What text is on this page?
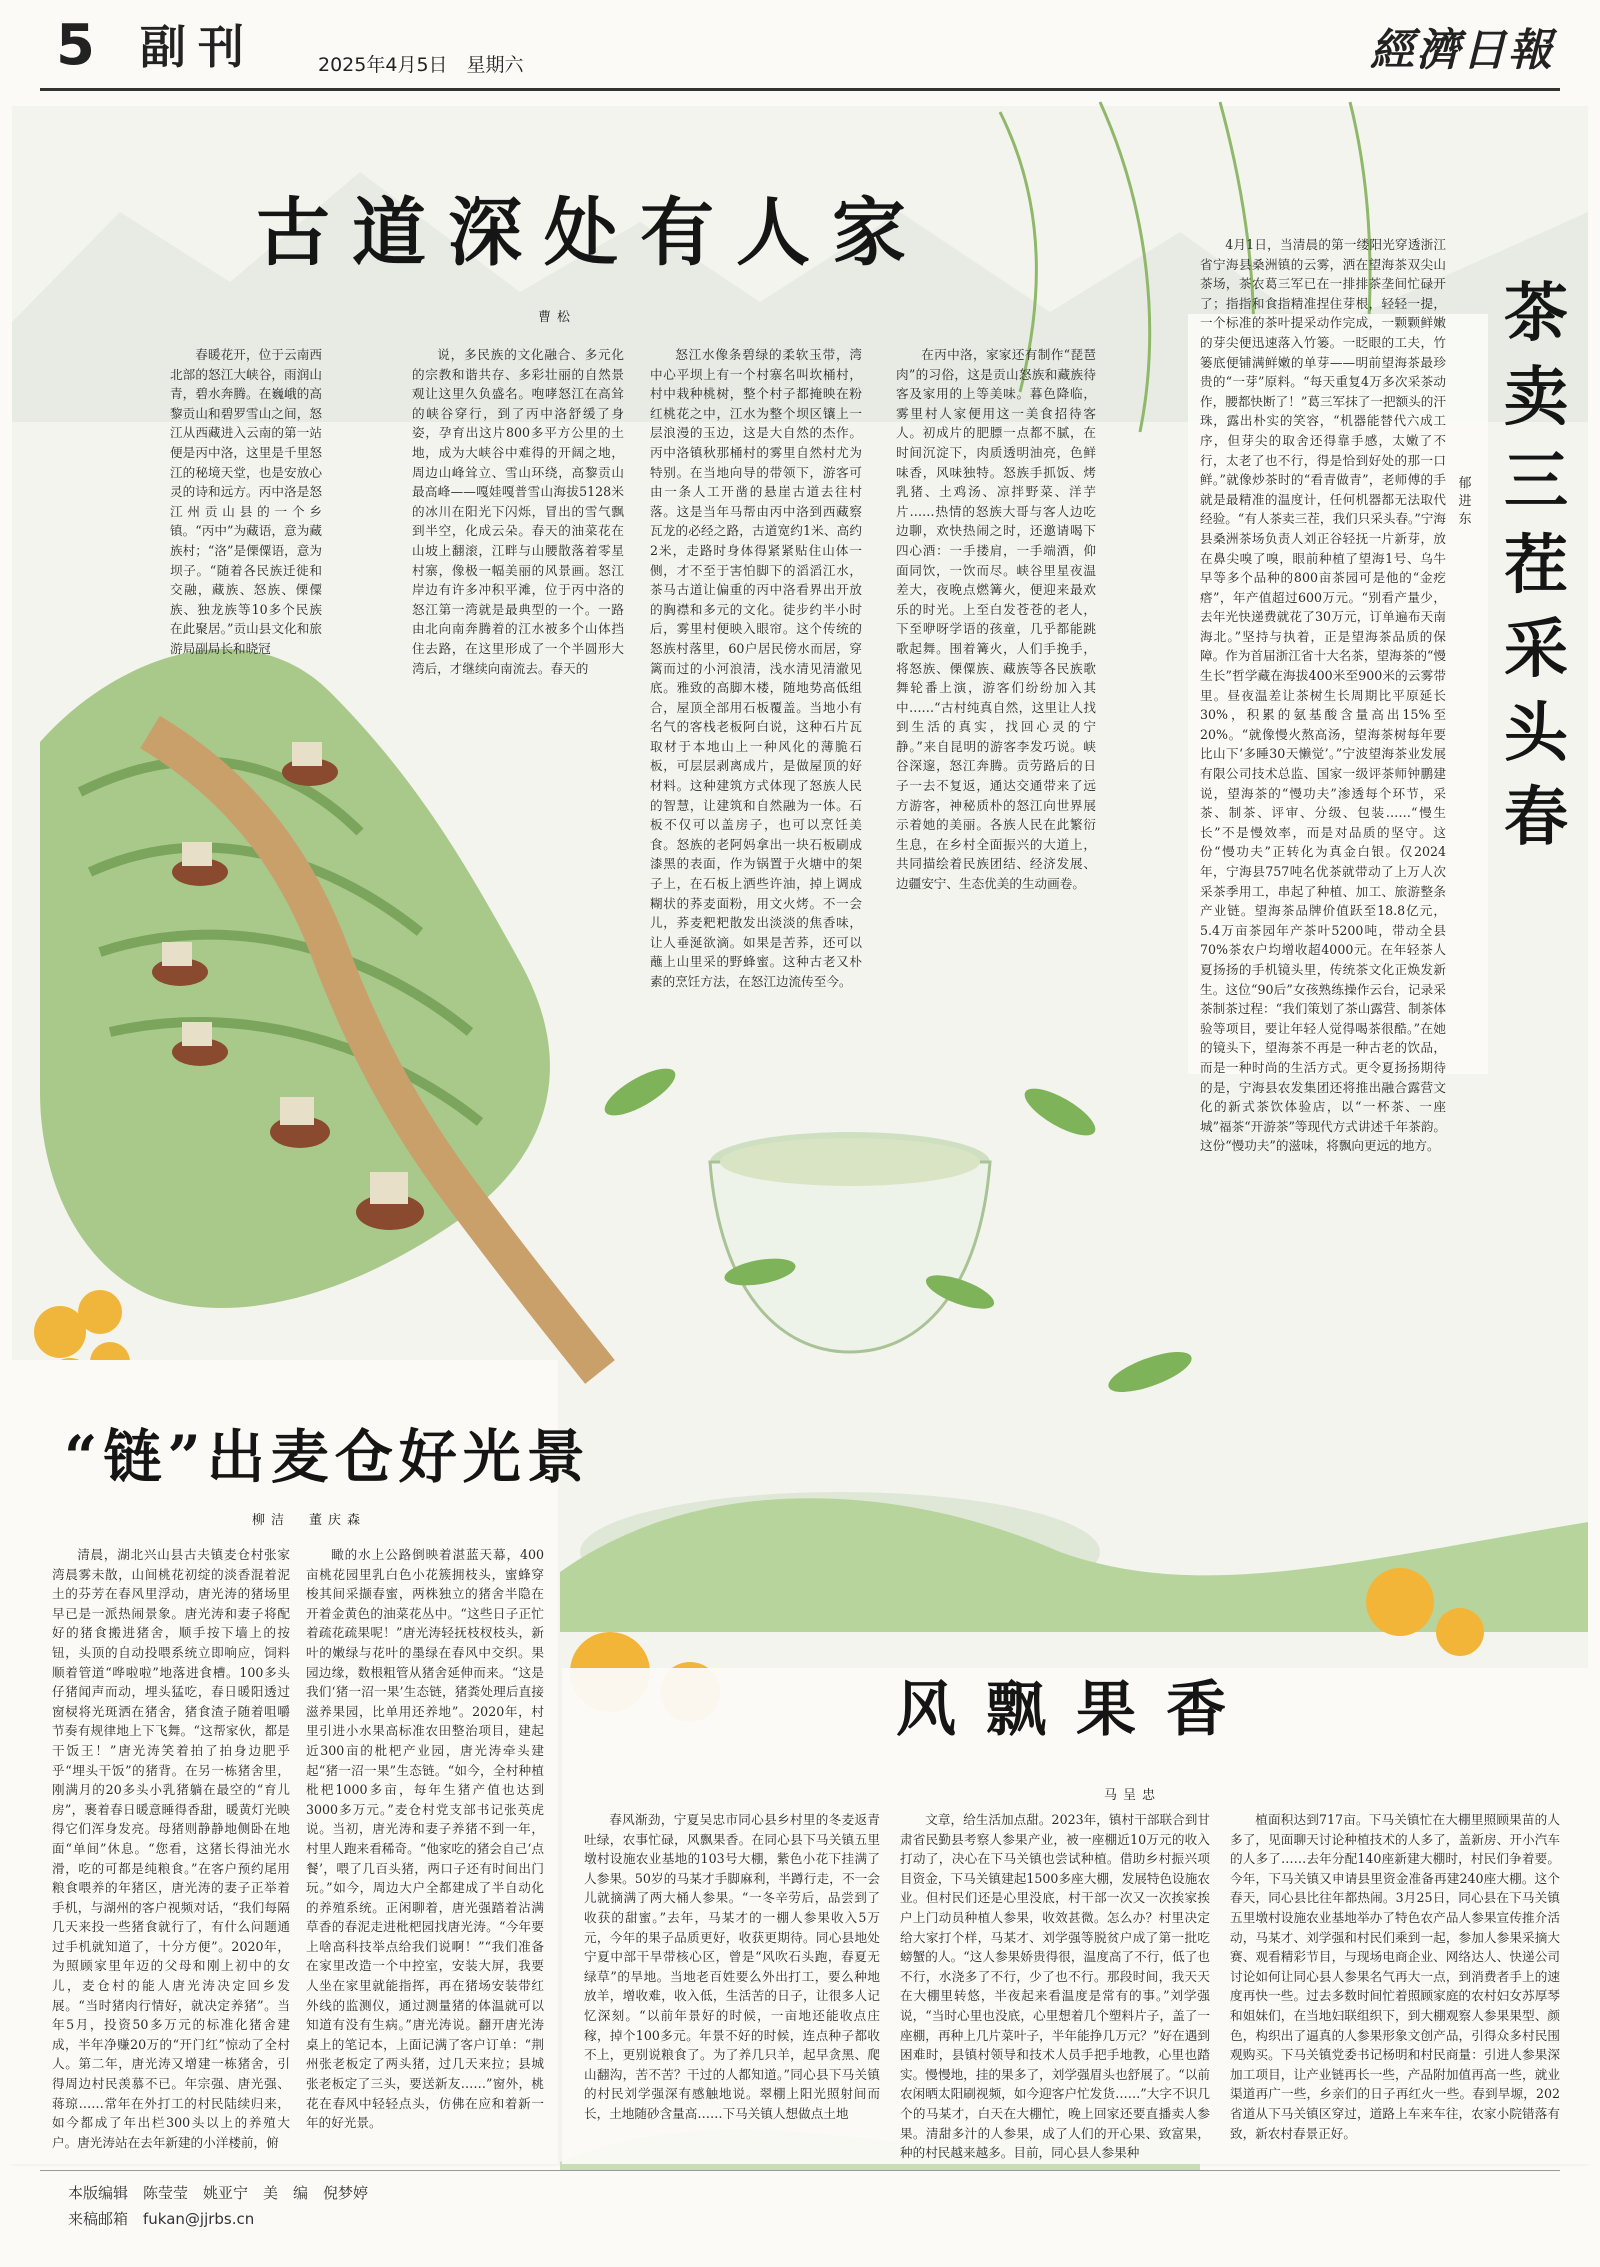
5 副刊	2025年4月5日　星期六	經濟日報
古道深处有人家
曹松

春暖花开，位于云南西北部的怒江大峡谷，雨润山青，碧水奔腾。在巍峨的高黎贡山和碧罗雪山之间，怒江从西藏进入云南的第一站便是丙中洛，这里是千里怒江的秘境天堂，也是安放心灵的诗和远方。丙中洛是怒江州贡山县的一个乡镇。“丙中”为藏语，意为藏族村；“洛”是傈僳语，意为坝子。“随着各民族迁徙和交融，藏族、怒族、傈僳族、独龙族等10多个民族在此聚居。”贡山县文化和旅游局副局长和晓冠

说，多民族的文化融合、多元化的宗教和谐共存、多彩壮丽的自然景观让这里久负盛名。咆哮怒江在高耸的峡谷穿行，到了丙中洛舒缓了身姿，孕育出这片800多平方公里的土地，成为大峡谷中难得的开阔之地，周边山峰耸立、雪山环绕，高黎贡山最高峰——嘎娃嘎普雪山海拔5128米的冰川在阳光下闪烁，冒出的雪气飘到半空，化成云朵。春天的油菜花在山坡上翻滚，江畔与山腰散落着零星村寨，像极一幅美丽的风景画。怒江岸边有许多冲积平滩，位于丙中洛的怒江第一湾就是最典型的一个。一路由北向南奔腾着的江水被多个山体挡住去路，在这里形成了一个半圆形大湾后，才继续向南流去。春天的

怒江水像条碧绿的柔软玉带，湾中心平坝上有一个村寨名叫坎桶村，村中栽种桃树，整个村子都掩映在粉红桃花之中，江水为整个坝区镶上一层浪漫的玉边，这是大自然的杰作。丙中洛镇秋那桶村的雾里自然村尤为特别。在当地向导的带领下，游客可由一条人工开凿的悬崖古道去往村落。这是当年马帮由丙中洛到西藏察瓦龙的必经之路，古道宽约1米、高约2米，走路时身体得紧紧贴住山体一侧，才不至于害怕脚下的滔滔江水，茶马古道让偏重的丙中洛看界出开放的胸襟和多元的文化。徒步约半小时后，雾里村便映入眼帘。这个传统的怒族村落里，60户居民傍水而居，穿篱而过的小河浪清，浅水清见清澈见底。雅致的高脚木楼，随地势高低组合，屋顶全部用石板覆盖。当地小有名气的客栈老板阿白说，这种石片瓦取材于本地山上一种风化的薄脆石板，可层层剥离成片，是做屋顶的好材料。这种建筑方式体现了怒族人民的智慧，让建筑和自然融为一体。石板不仅可以盖房子，也可以烹饪美食。怒族的老阿妈拿出一块石板刷成漆黑的表面，作为锅置于火塘中的架子上，在石板上洒些许油，掉上调成糊状的荞麦面粉，用文火烤。不一会儿，荞麦粑粑散发出淡淡的焦香味，让人垂涎欲滴。如果是苦荞，还可以蘸上山里采的野蜂蜜。这种古老又朴素的烹饪方法，在怒江边流传至今。

在丙中洛，家家还有制作“琵琶肉”的习俗，这是贡山怒族和藏族待客及家用的上等美味。暮色降临，雾里村人家便用这一美食招待客人。初成片的肥膘一点都不腻，在时间沉淀下，肉质透明油亮，色鲜味香，风味独特。怒族手抓饭、烤乳猪、土鸡汤、凉拌野菜、洋芋片……热情的怒族大哥与客人边吃边聊，欢快热闹之时，还邀请喝下四心酒：一手搂肩，一手端酒，仰面同饮，一饮而尽。峡谷里星夜温差大，夜晚点燃篝火，便迎来最欢乐的时光。上至白发苍苍的老人，下至咿呀学语的孩童，几乎都能跳歌起舞。围着篝火，人们手挽手，将怒族、傈僳族、藏族等各民族歌舞轮番上演，游客们纷纷加入其中……“古村纯真自然，这里让人找到生活的真实，找回心灵的宁静。”来自昆明的游客李发巧说。峡谷深邃，怒江奔腾。贡劳路后的日子一去不复返，通达交通带来了远方游客，神秘质朴的怒江向世界展示着她的美丽。各族人民在此繁衍生息，在乡村全面振兴的大道上，共同描绘着民族团结、经济发展、边疆安宁、生态优美的生动画卷。

茶卖三茬采头春
郁进东

4月1日，当清晨的第一缕阳光穿透浙江省宁海县桑洲镇的云雾，洒在望海茶双尖山茶场，茶农葛三军已在一排排茶垄间忙碌开了；指指和食指精准捏住芽根，轻轻一提，一个标准的茶叶提采动作完成，一颗颗鲜嫩的芽尖便迅速落入竹篓。一眨眼的工夫，竹篓底便铺满鲜嫩的单芽——明前望海茶最珍贵的“一芽”原料。“每天重复4万多次采茶动作，腰都快断了！”葛三军抹了一把额头的汗珠，露出朴实的笑容，“机器能替代六成工序，但芽尖的取舍还得靠手感，太嫩了不行，太老了也不行，得是恰到好处的那一口鲜。”就像炒茶时的“看青做青”，老师傅的手就是最精准的温度计，任何机器都无法取代经验。“有人茶卖三茬，我们只采头春。”宁海县桑洲茶场负责人刘正谷轻抚一片新芽，放在鼻尖嗅了嗅，眼前种植了望海1号、乌牛早等多个品种的800亩茶园可是他的“金疙瘩”，年产值超过600万元。“别看产量少，去年光快递费就花了30万元，订单遍布天南海北。”坚持与执着，正是望海茶品质的保障。作为首届浙江省十大名茶，望海茶的“慢生长”哲学藏在海拔400米至900米的云雾带里。昼夜温差让茶树生长周期比平原延长30%，积累的氨基酸含量高出15%至20%。“就像慢火熬高汤，望海茶树每年要比山下‘多睡30天懒觉’。”宁波望海茶业发展有限公司技术总监、国家一级评茶师钟鹏建说，望海茶的“慢功夫”渗透每个环节，采茶、制茶、评审、分级、包装……“慢生长”不是慢效率，而是对品质的坚守。这份“慢功夫”正转化为真金白银。仅2024年，宁海县757吨名优茶就带动了上万人次采茶季用工，串起了种植、加工、旅游整条产业链。望海茶品牌价值跃至18.8亿元，5.4万亩茶园年产茶叶5200吨，带动全县70%茶农户均增收超4000元。在年轻茶人夏扬扬的手机镜头里，传统茶文化正焕发新生。这位“90后”女孩熟练操作云台，记录采茶制茶过程：“我们策划了茶山露营、制茶体验等项目，要让年轻人觉得喝茶很酷。”在她的镜头下，望海茶不再是一种古老的饮品，而是一种时尚的生活方式。更令夏扬扬期待的是，宁海县农发集团还将推出融合露营文化的新式茶饮体验店，以“一杯茶、一座城”福茶“开游茶”等现代方式讲述千年茶韵。这份“慢功夫”的滋味，将飘向更远的地方。

“链”出麦仓好光景
柳洁　董庆森

清晨，湖北兴山县古夫镇麦仓村张家湾晨雾未散，山间桃花初绽的淡香混着泥土的芬芳在春风里浮动，唐光涛的猪场里早已是一派热闹景象。唐光涛和妻子将配好的猪食搬进猪舍，顺手按下墙上的按钮，头顶的自动投喂系统立即响应，饲料顺着管道“哗啦啦”地落进食槽。100多头仔猪闻声而动，埋头猛吃，春日暖阳透过窗棂将光斑洒在猪舍，猪食渣子随着咀嚼节奏有规律地上下飞舞。“这帮家伙，都是干饭王！”唐光涛笑着拍了拍身边肥乎乎“埋头干饭”的猪背。在另一栋猪舍里，刚满月的20多头小乳猪躺在最空的“育儿房”，裹着春日暖意睡得香甜，暖黄灯光映得它们浑身发亮。母猪则静静地侧卧在地面“单间”休息。“您看，这猪长得油光水滑，吃的可都是纯粮食。”在客户预约尾用粮食喂养的年猪区，唐光涛的妻子正举着手机，与湖州的客户视频对话，“我们每隔几天来投一些猪食就行了，有什么问题通过手机就知道了，十分方便”。2020年，为照顾家里年迈的父母和刚上初中的女儿，麦仓村的能人唐光涛决定回乡发展。“当时猪肉行情好，就决定养猪”。当年5月，投资50多万元的标准化猪舍建成，半年净赚20万的“开门红”惊动了全村人。第二年，唐光涛又增建一栋猪舍，引得周边村民羡慕不已。年宗强、唐光强、蒋琼……常年在外打工的村民陆续归来，如今都成了年出栏300头以上的养殖大户。唐光涛站在去年新建的小洋楼前，俯

瞰的水上公路倒映着湛蓝天幕，400亩桃花园里乳白色小花簇拥枝头，蜜蜂穿梭其间采撷春蜜，两株独立的猪舍半隐在开着金黄色的油菜花丛中。“这些日子正忙着疏花疏果呢！”唐光涛轻抚枝杈枝头，新叶的嫩绿与花叶的墨绿在春风中交织。果园边缘，数根粗管从猪舍延伸而来。“这是我们‘猪一沼一果’生态链，猪粪处理后直接滋养果园，比单用还养地”。2020年，村里引进小水果高标准农田整治项目，建起近300亩的枇杷产业园，唐光涛牵头建起“猪一沼一果”生态链。“如今，全村种植枇杷1000多亩，每年生猪产值也达到3000多万元。”麦仓村党支部书记张英虎说。当初，唐光涛和妻子养猪不到一年，村里人跑来看稀奇。“他家吃的猪会自己‘点餐’，喂了几百头猪，两口子还有时间出门玩。”如今，周边大户全都建成了半自动化的养殖系统。正闲聊着，唐光强踏着沾满草香的春泥走进枇杷园找唐光涛。“今年要上啥高科技举点给我们说啊！”“我们准备在家里改造一个中控室，安装大屏，我要人坐在家里就能指挥，再在猪场安装带红外线的监测仪，通过测量猪的体温就可以知道有没有生病。”唐光涛说。翻开唐光涛桌上的笔记本，上面记满了客户订单：“荆州张老板定了两头猪，过几天来拉；县城张老板定了三头，要送新友……”窗外，桃花在春风中轻轻点头，仿佛在应和着新一年的好光景。

风飘果香
马呈忠

春风渐劲，宁夏吴忠市同心县乡村里的冬麦返青吐绿，农事忙碌，风飘果香。在同心县下马关镇五里墩村设施农业基地的103号大棚，紫色小花下挂满了人参果。50岁的马某才手脚麻利，半蹲行走，不一会儿就摘满了两大桶人参果。“一冬辛劳后，品尝到了收获的甜蜜。”去年，马某才的一棚人参果收入5万元，今年的果子品质更好，收获更期待。同心县地处宁夏中部干旱带核心区，曾是“风吹石头跑，春夏无绿草”的旱地。当地老百姓要么外出打工，要么种地放羊，增收难，收入低，生活苦的日子，让很多人记忆深刻。“以前年景好的时候，一亩地还能收点庄稼，掉个100多元。年景不好的时候，连点种子都收不上，更别说粮食了。为了养几只羊，起早贪黑、爬山翻沟，苦不苦？干过的人都知道。”同心县下马关镇的村民刘学强深有感触地说。翠棚上阳光照射间而长，土地随砂含量高……下马关镇人想做点土地

文章，给生活加点甜。2023年，镇村干部联合到甘肃省民勤县考察人参果产业，被一座棚近10万元的收入打动了，决心在下马关镇也尝试种植。借助乡村振兴项目资金，下马关镇建起1500多座大棚，发展特色设施农业。但村民们还是心里没底，村干部一次又一次挨家挨户上门动员种植人参果，收效甚微。怎么办？村里决定给大家打个样，马某才、刘学强等脱贫户成了第一批吃螃蟹的人。“这人参果娇贵得很，温度高了不行，低了也不行，水浇多了不行，少了也不行。那段时间，我天天在大棚里转悠，半夜起来看温度是常有的事。”刘学强说，“当时心里也没底，心里想着几个塑料片子，盖了一座棚，再种上几片菜叶子，半年能挣几万元？”好在遇到困难时，县镇村领导和技术人员手把手地教，心里也踏实。慢慢地，挂的果多了，刘学强眉头也舒展了。“以前农闲晒太阳刷视频，如今迎客户忙发货……”大字不识几个的马某才，白天在大棚忙，晚上回家还要直播卖人参果。清甜多汁的人参果，成了人们的开心果、致富果，种的村民越来越多。目前，同心县人参果种

植面积达到717亩。下马关镇忙在大棚里照顾果苗的人多了，见面聊天讨论种植技术的人多了，盖新房、开小汽车的人多了……去年分配140座新建大棚时，村民们争着要。今年，下马关镇又申请县里资金准备再建240座大棚。这个春天，同心县比往年都热闹。3月25日，同心县在下马关镇五里墩村设施农业基地举办了特色农产品人参果宣传推介活动，马某才、刘学强和村民们乘到一起，参加人参果采摘大赛、观看精彩节目，与现场电商企业、网络达人、快递公司讨论如何让同心县人参果名气再大一点，到消费者手上的速度再快一些。过去多数时间忙着照顾家庭的农村妇女苏厚琴和姐妹们，在当地妇联组织下，到大棚观察人参果果型、颜色，构织出了逼真的人参果形象文创产品，引得众多村民围观购买。下马关镇党委书记杨明和村民商量：引进人参果深加工项目，让产业链再长一些，产品附加值再高一些，就业渠道再广一些，乡亲们的日子再红火一些。春到旱塬，202省道从下马关镇区穿过，道路上车来车往，农家小院错落有致，新农村春景正好。

本版编辑　陈莹莹　姚亚宁　美　编　倪梦婷
来稿邮箱　fukan@jjrbs.cn
